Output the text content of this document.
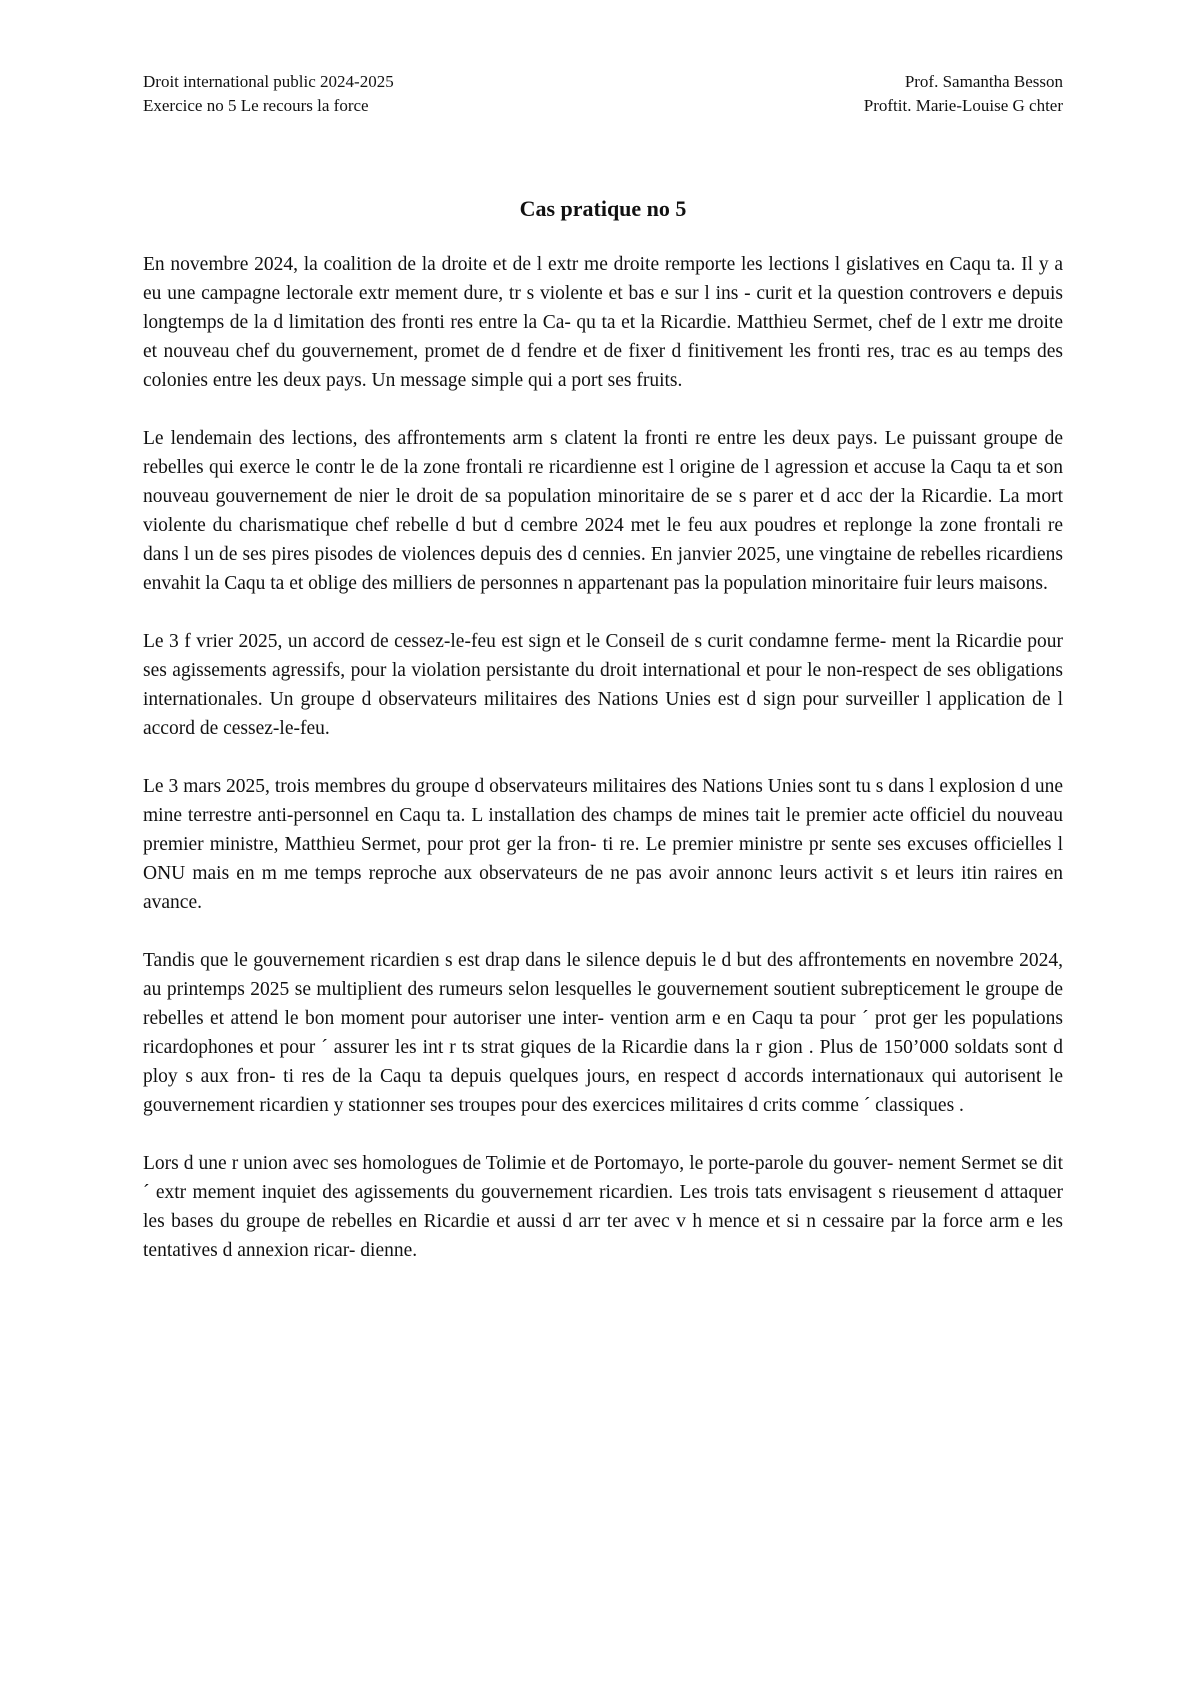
Droit international public 2024-2025
Exercice no 5 Le recours la force
Prof. Samantha Besson
Proftit. Marie-Louise G chter
Cas pratique no 5

En novembre 2024, la coalition de la droite et de l extr me droite remporte les lections l gislatives en Caqu ta. Il y a eu une campagne lectorale extr mement dure, tr s violente et bas e sur l ins - curit et la question controvers e depuis longtemps de la d limitation des fronti res entre la Ca- qu ta et la Ricardie. Matthieu Sermet, chef de l extr me droite et nouveau chef du gouvernement, promet de d fendre et de fixer d finitivement les fronti res, trac es au temps des colonies entre les deux pays. Un message simple qui a port ses fruits.

Le lendemain des lections, des affrontements arm s clatent la fronti re entre les deux pays. Le puissant groupe de rebelles qui exerce le contr le de la zone frontali re ricardienne est l origine de l agression et accuse la Caqu ta et son nouveau gouvernement de nier le droit de sa population minoritaire de se s parer et d acc der la Ricardie. La mort violente du charismatique chef rebelle d but d cembre 2024 met le feu aux poudres et replonge la zone frontali re dans l un de ses pires pisodes de violences depuis des d cennies. En janvier 2025, une vingtaine de rebelles ricardiens envahit la Caqu ta et oblige des milliers de personnes n appartenant pas la population minoritaire fuir leurs maisons.

Le 3 f vrier 2025, un accord de cessez-le-feu est sign et le Conseil de s curit condamne ferme- ment la Ricardie pour ses agissements agressifs, pour la violation persistante du droit international et pour le non-respect de ses obligations internationales. Un groupe d observateurs militaires des Nations Unies est d sign pour surveiller l application de l accord de cessez-le-feu.

Le 3 mars 2025, trois membres du groupe d observateurs militaires des Nations Unies sont tu s dans l explosion d une mine terrestre anti-personnel en Caqu ta. L installation des champs de mines tait le premier acte officiel du nouveau premier ministre, Matthieu Sermet, pour prot ger la fron- ti re. Le premier ministre pr sente ses excuses officielles l ONU mais en m me temps reproche aux observateurs de ne pas avoir annonc leurs activit s et leurs itin raires en avance.

Tandis que le gouvernement ricardien s est drap dans le silence depuis le d but des affrontements en novembre 2024, au printemps 2025 se multiplient des rumeurs selon lesquelles le gouvernement soutient subrepticement le groupe de rebelles et attend le bon moment pour autoriser une inter- vention arm e en Caqu ta pour ´ prot ger les populations ricardophones et pour ´ assurer les int r ts strat giques de la Ricardie dans la r gion . Plus de 150’000 soldats sont d ploy s aux fron- ti res de la Caqu ta depuis quelques jours, en respect d accords internationaux qui autorisent le gouvernement ricardien y stationner ses troupes pour des exercices militaires d crits comme ´ classiques .

Lors d une r union avec ses homologues de Tolimie et de Portomayo, le porte-parole du gouver- nement Sermet se dit ´ extr mement inquiet des agissements du gouvernement ricardien. Les trois tats envisagent s rieusement d attaquer les bases du groupe de rebelles en Ricardie et aussi d arr ter avec v h mence et si n cessaire par la force arm e les tentatives d annexion ricar- dienne.
